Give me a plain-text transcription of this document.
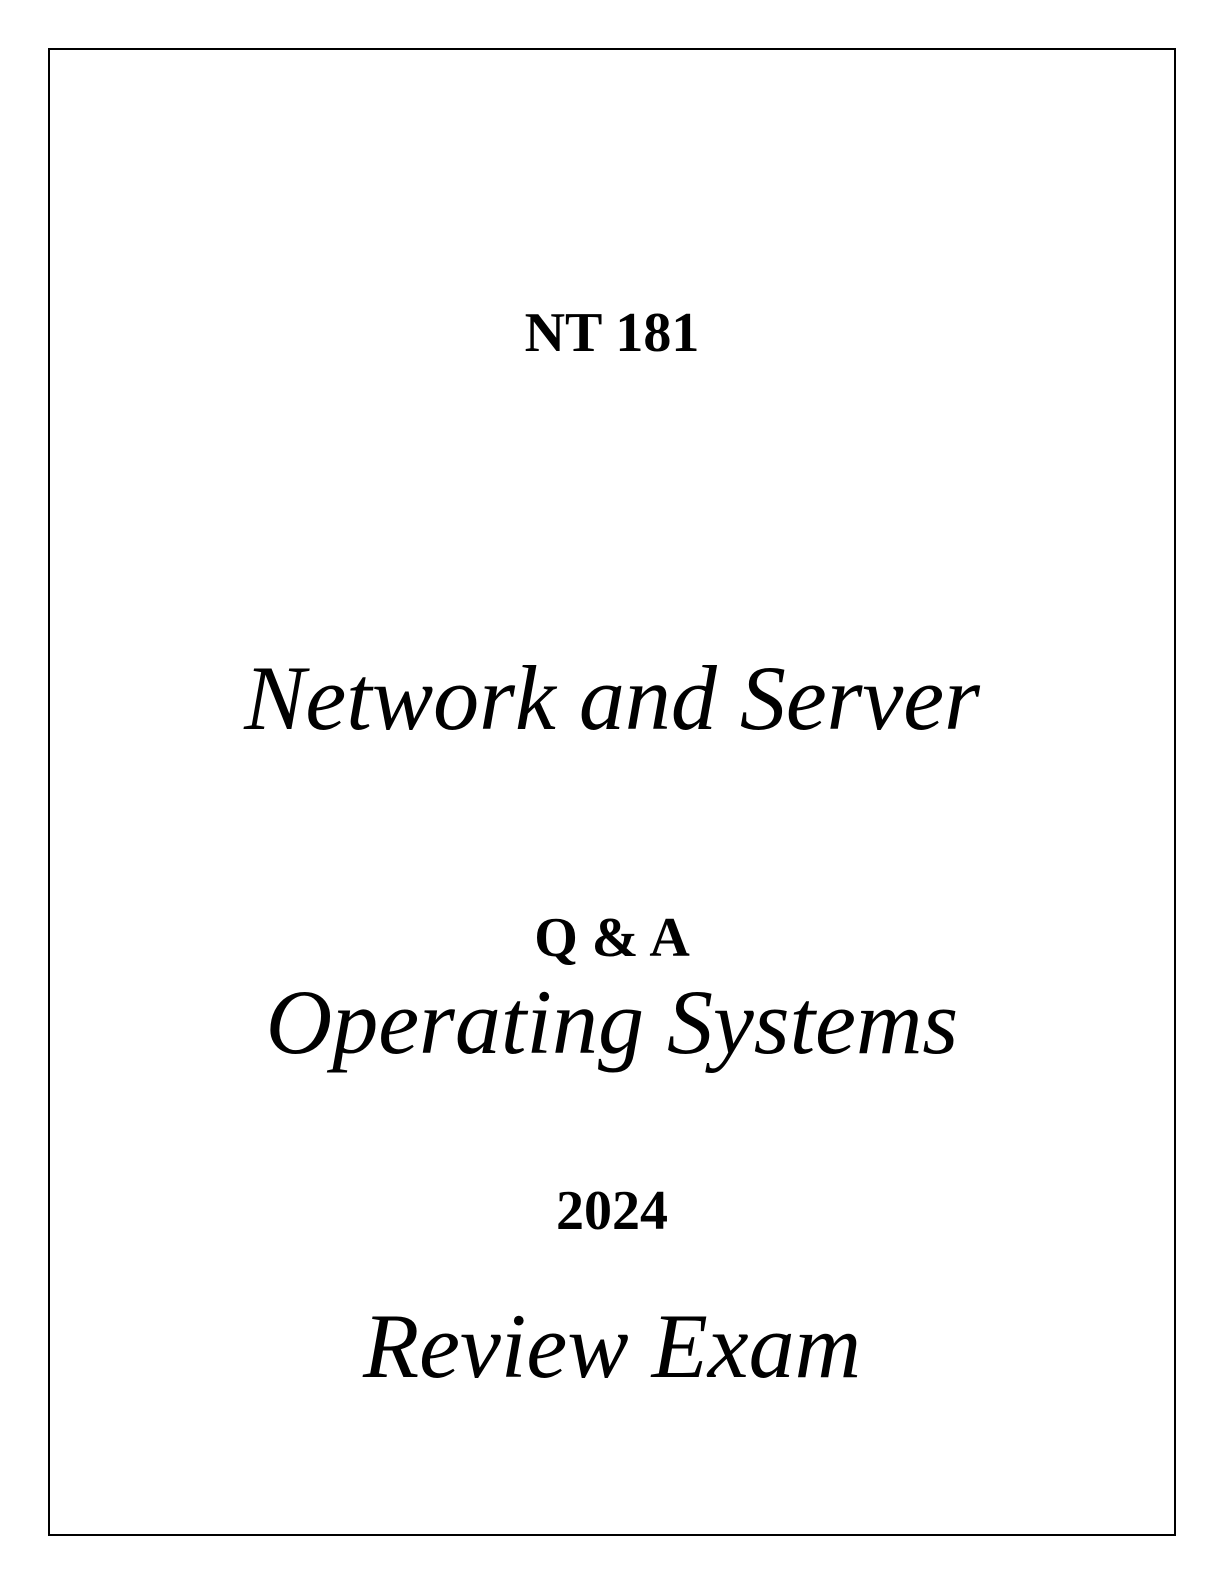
NT 181

Network and Server

Operating Systems

Review Exam

Q & A
2024
